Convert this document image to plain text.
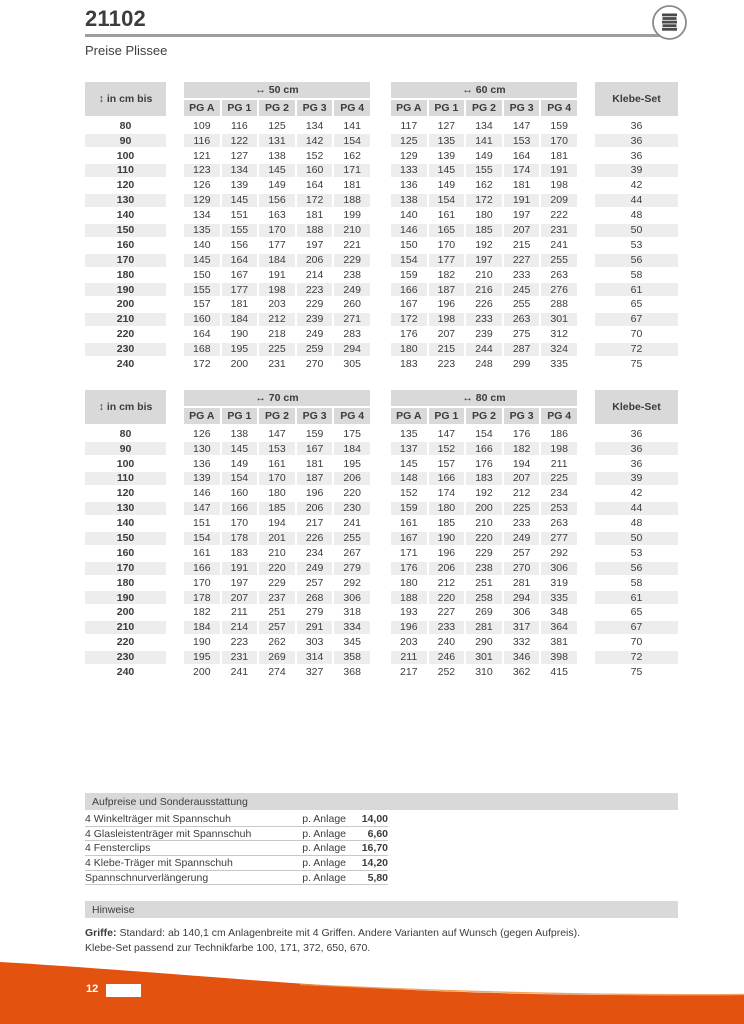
21102
Preise Plissee
↕ in cm bis
↔ 50 cm
PG A	PG 1	PG 2	PG 3	PG 4
↔ 60 cm
PG A	PG 1	PG 2	PG 3	PG 4
Klebe-Set
80	109	116	125	134	141	117	127	134	147	159	36
90	116	122	131	142	154	125	135	141	153	170	36
100	121	127	138	152	162	129	139	149	164	181	36
110	123	134	145	160	171	133	145	155	174	191	39
120	126	139	149	164	181	136	149	162	181	198	42
130	129	145	156	172	188	138	154	172	191	209	44
140	134	151	163	181	199	140	161	180	197	222	48
150	135	155	170	188	210	146	165	185	207	231	50
160	140	156	177	197	221	150	170	192	215	241	53
170	145	164	184	206	229	154	177	197	227	255	56
180	150	167	191	214	238	159	182	210	233	263	58
190	155	177	198	223	249	166	187	216	245	276	61
200	157	181	203	229	260	167	196	226	255	288	65
210	160	184	212	239	271	172	198	233	263	301	67
220	164	190	218	249	283	176	207	239	275	312	70
230	168	195	225	259	294	180	215	244	287	324	72
240	172	200	231	270	305	183	223	248	299	335	75
↕ in cm bis
↔ 70 cm
PG A	PG 1	PG 2	PG 3	PG 4
↔ 80 cm
PG A	PG 1	PG 2	PG 3	PG 4
Klebe-Set
80	126	138	147	159	175	135	147	154	176	186	36
90	130	145	153	167	184	137	152	166	182	198	36
100	136	149	161	181	195	145	157	176	194	211	36
110	139	154	170	187	206	148	166	183	207	225	39
120	146	160	180	196	220	152	174	192	212	234	42
130	147	166	185	206	230	159	180	200	225	253	44
140	151	170	194	217	241	161	185	210	233	263	48
150	154	178	201	226	255	167	190	220	249	277	50
160	161	183	210	234	267	171	196	229	257	292	53
170	166	191	220	249	279	176	206	238	270	306	56
180	170	197	229	257	292	180	212	251	281	319	58
190	178	207	237	268	306	188	220	258	294	335	61
200	182	211	251	279	318	193	227	269	306	348	65
210	184	214	257	291	334	196	233	281	317	364	67
220	190	223	262	303	345	203	240	290	332	381	70
230	195	231	269	314	358	211	246	301	346	398	72
240	200	241	274	327	368	217	252	310	362	415	75
Aufpreise und Sonderausstattung
4 Winkelträger mit Spannschuh	p. Anlage	14,00
4 Glasleistenträger mit Spannschuh	p. Anlage	6,60
4 Fensterclips	p. Anlage	16,70
4 Klebe-Träger mit Spannschuh	p. Anlage	14,20
Spannschnurverlängerung	p. Anlage	5,80
Hinweise

Griffe: Standard: ab 140,1 cm Anlagenbreite mit 4 Griffen. Andere Varianten auf Wunsch (gegen Aufpreis).

Klebe-Set passend zur Technikfarbe 100, 171, 372, 650, 670.

12
